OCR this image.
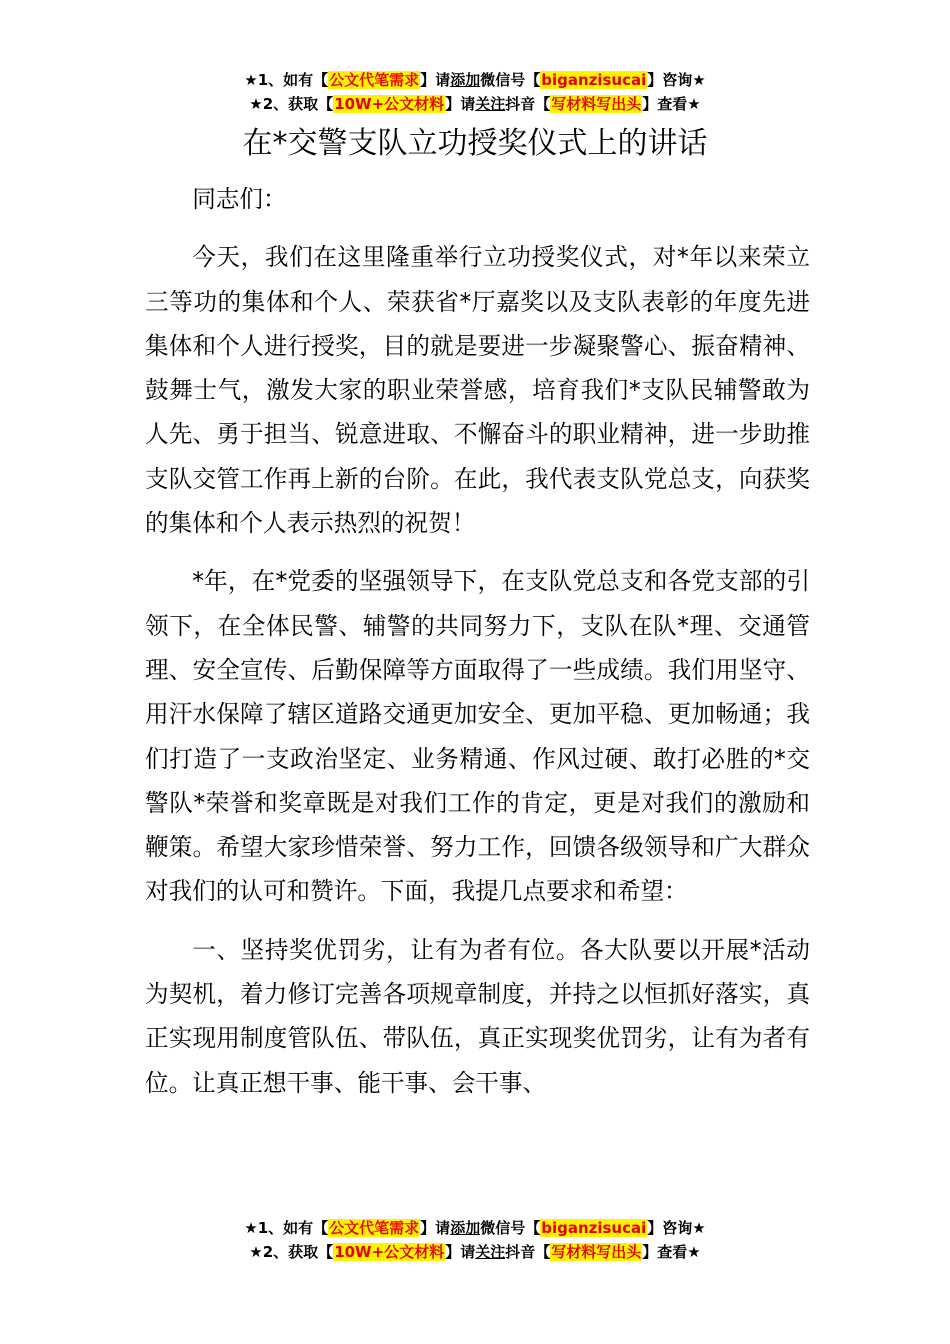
★1、如有【公文代笔需求】请添加微信号【biganzisucai】咨询★
★2、获取【10W+公文材料】请关注抖音【写材料写出头】查看★
在*交警支队立功授奖仪式上的讲话

同志们：

今天，我们在这里隆重举行立功授奖仪式，对*年以来荣立三等功的集体和个人、荣获省*厅嘉奖以及支队表彰的年度先进集体和个人进行授奖，目的就是要进一步凝聚警心、振奋精神、鼓舞士气，激发大家的职业荣誉感，培育我们*支队民辅警敢为人先、勇于担当、锐意进取、不懈奋斗的职业精神，进一步助推支队交管工作再上新的台阶。在此，我代表支队党总支，向获奖的集体和个人表示热烈的祝贺！

*年，在*党委的坚强领导下，在支队党总支和各党支部的引领下，在全体民警、辅警的共同努力下，支队在队*理、交通管理、安全宣传、后勤保障等方面取得了一些成绩。我们用坚守、用汗水保障了辖区道路交通更加安全、更加平稳、更加畅通；我们打造了一支政治坚定、业务精通、作风过硬、敢打必胜的*交警队*荣誉和奖章既是对我们工作的肯定，更是对我们的激励和鞭策。希望大家珍惜荣誉、努力工作，回馈各级领导和广大群众对我们的认可和赞许。下面，我提几点要求和希望：

一、坚持奖优罚劣，让有为者有位。各大队要以开展*活动为契机，着力修订完善各项规章制度，并持之以恒抓好落实，真正实现用制度管队伍、带队伍，真正实现奖优罚劣，让有为者有位。让真正想干事、能干事、会干事、

★1、如有【公文代笔需求】请添加微信号【biganzisucai】咨询★
★2、获取【10W+公文材料】请关注抖音【写材料写出头】查看★
